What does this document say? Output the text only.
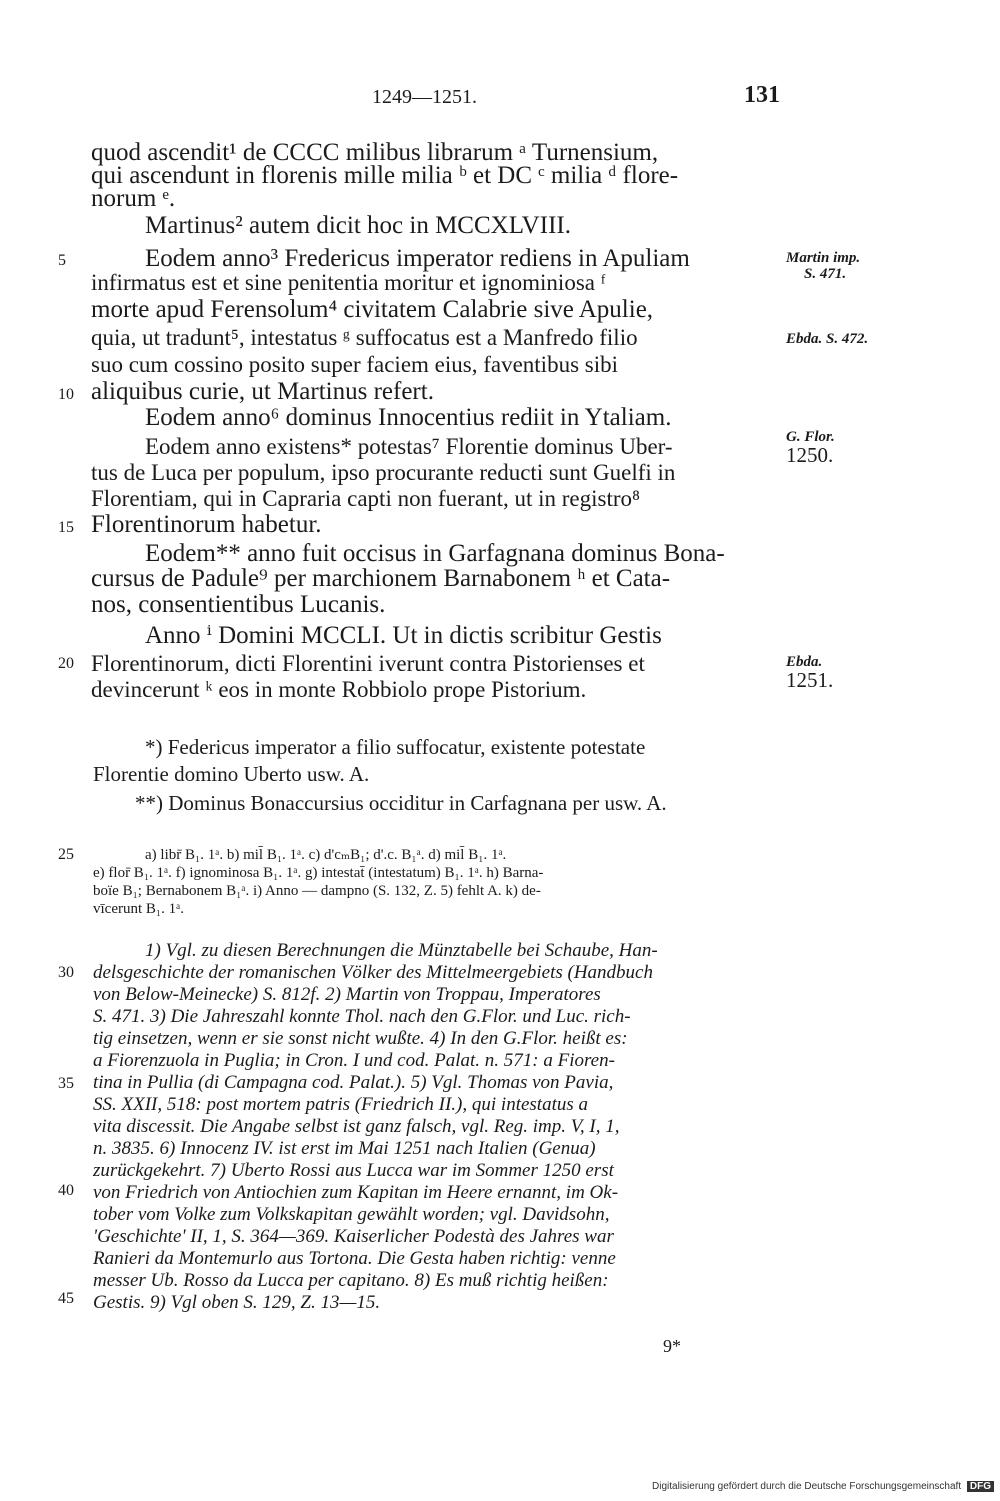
1249—1251.	131
quod ascendit¹ de CCCC milibus librarum ᵃ Turnensium,
qui ascendunt in florenis mille milia ᵇ et DC ᶜ milia ᵈ flore-
norum ᵉ.
Martinus² autem dicit hoc in MCCXLVIII.
Eodem anno³ Fredericus imperator rediens in Apuliam
infirmatus est et sine penitentia moritur et ignominiosa ᶠ
morte apud Ferensolum⁴ civitatem Calabrie sive Apulie,
quia, ut tradunt⁵, intestatus ᵍ suffocatus est a Manfredo filio
suo cum cossino posito super faciem eius, faventibus sibi
aliquibus curie, ut Martinus refert.
Eodem anno⁶ dominus Innocentius rediit in Ytaliam.
Eodem anno existens* potestas⁷ Florentie dominus Uber-
tus de Luca per populum, ipso procurante reducti sunt Guelfi in
Florentiam, qui in Capraria capti non fuerant, ut in registro⁸
Florentinorum habetur.
Eodem** anno fuit occisus in Garfagnana dominus Bona-
cursus de Padule⁹ per marchionem Barnabonem ʰ et Cata-
nos, consentientibus Lucanis.
Anno ⁱ Domini MCCLI. Ut in dictis scribitur Gestis
Florentinorum, dicti Florentini iverunt contra Pistorienses et
devincerunt ᵏ eos in monte Robbiolo prope Pistorium.
5
10
15
20
25
30
35
40
45
Martin imp.
S. 471.
Ebda. S. 472.
G. Flor.
1250.
Ebda.
1251.
*) Federicus imperator a filio suffocatur, existente potestate
Florentie domino Uberto usw. A.
**) Dominus Bonaccursius occiditur in Carfagnana per usw. A.
a) libr̄ B₁. 1ᵃ. b) mil̄ B₁. 1ᵃ. c) d'cₘB₁; d'.c. B₁ᵃ. d) mil̄ B₁. 1ᵃ.
e) flor̄ B₁. 1ᵃ. f) ignominosa B₁. 1ᵃ. g) intestat̄ (intestatum) B₁. 1ᵃ. h) Barna-
boïe B₁; Bernabonem B₁ᵃ. i) Anno — dampno (S. 132, Z. 5) fehlt A. k) de-
vīcerunt B₁. 1ᵃ.
1) Vgl. zu diesen Berechnungen die Münztabelle bei Schaube, Han-
delsgeschichte der romanischen Völker des Mittelmeergebiets (Handbuch
von Below-Meinecke) S. 812f. 2) Martin von Troppau, Imperatores
S. 471. 3) Die Jahreszahl konnte Thol. nach den G.Flor. und Luc. rich-
tig einsetzen, wenn er sie sonst nicht wußte. 4) In den G.Flor. heißt es:
a Fiorenzuola in Puglia; in Cron. I und cod. Palat. n. 571: a Fioren-
tina in Pullia (di Campagna cod. Palat.). 5) Vgl. Thomas von Pavia,
SS. XXII, 518: post mortem patris (Friedrich II.), qui intestatus a
vita discessit. Die Angabe selbst ist ganz falsch, vgl. Reg. imp. V, I, 1,
n. 3835. 6) Innocenz IV. ist erst im Mai 1251 nach Italien (Genua)
zurückgekehrt. 7) Uberto Rossi aus Lucca war im Sommer 1250 erst
von Friedrich von Antiochien zum Kapitan im Heere ernannt, im Ok-
tober vom Volke zum Volkskapitan gewählt worden; vgl. Davidsohn,
'Geschichte' II, 1, S. 364—369. Kaiserlicher Podestà des Jahres war
Ranieri da Montemurlo aus Tortona. Die Gesta haben richtig: venne
messer Ub. Rosso da Lucca per capitano. 8) Es muß richtig heißen:
Gestis. 9) Vgl oben S. 129, Z. 13—15.
9*
Digitalisierung gefördert durch die Deutsche Forschungsgemeinschaft DFG
